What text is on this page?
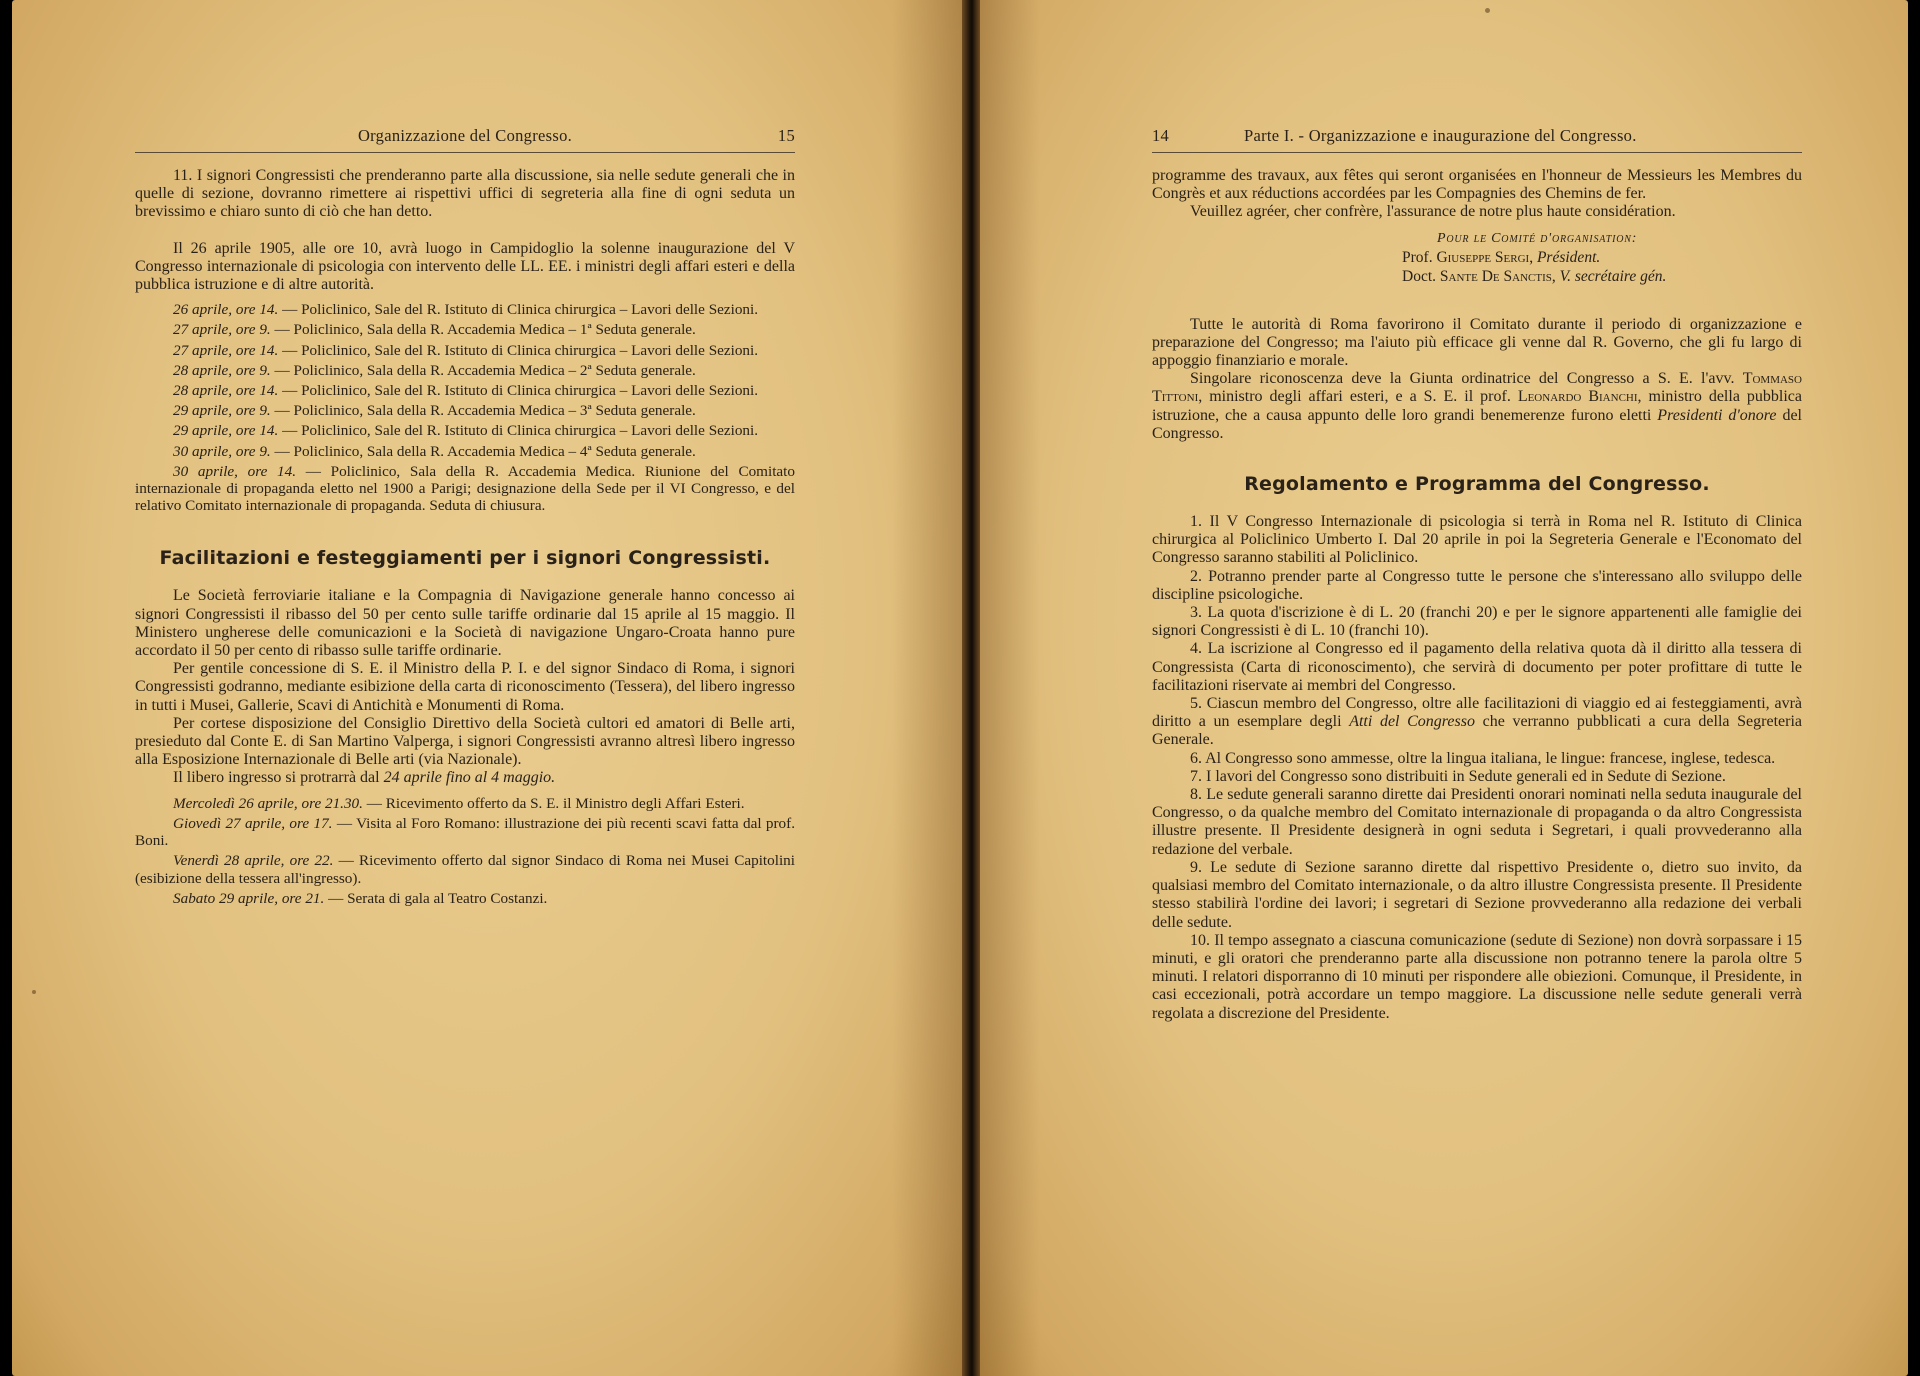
Organizzazione del Congresso.	15

11. I signori Congressisti che prenderanno parte alla discussione, sia nelle sedute generali che in quelle di sezione, dovranno rimettere ai rispettivi uffici di segreteria alla fine di ogni seduta un brevissimo e chiaro sunto di ciò che han detto.

Il 26 aprile 1905, alle ore 10, avrà luogo in Campidoglio la solenne inaugurazione del V Congresso internazionale di psicologia con intervento delle LL. EE. i ministri degli affari esteri e della pubblica istruzione e di altre autorità.

26 aprile, ore 14. — Policlinico, Sale del R. Istituto di Clinica chirurgica – Lavori delle Sezioni.

27 aprile, ore 9. — Policlinico, Sala della R. Accademia Medica – 1ª Seduta generale.

27 aprile, ore 14. — Policlinico, Sale del R. Istituto di Clinica chirurgica – Lavori delle Sezioni.

28 aprile, ore 9. — Policlinico, Sala della R. Accademia Medica – 2ª Seduta generale.

28 aprile, ore 14. — Policlinico, Sale del R. Istituto di Clinica chirurgica – Lavori delle Sezioni.

29 aprile, ore 9. — Policlinico, Sala della R. Accademia Medica – 3ª Seduta generale.

29 aprile, ore 14. — Policlinico, Sale del R. Istituto di Clinica chirurgica – Lavori delle Sezioni.

30 aprile, ore 9. — Policlinico, Sala della R. Accademia Medica – 4ª Seduta generale.

30 aprile, ore 14. — Policlinico, Sala della R. Accademia Medica. Riunione del Comitato internazionale di propaganda eletto nel 1900 a Parigi; designazione della Sede per il VI Congresso, e del relativo Comitato internazionale di propaganda. Seduta di chiusura.

Facilitazioni e festeggiamenti per i signori Congressisti.

Le Società ferroviarie italiane e la Compagnia di Navigazione generale hanno concesso ai signori Congressisti il ribasso del 50 per cento sulle tariffe ordinarie dal 15 aprile al 15 maggio. Il Ministero ungherese delle comunicazioni e la Società di navigazione Ungaro-Croata hanno pure accordato il 50 per cento di ribasso sulle tariffe ordinarie.

Per gentile concessione di S. E. il Ministro della P. I. e del signor Sindaco di Roma, i signori Congressisti godranno, mediante esibizione della carta di riconoscimento (Tessera), del libero ingresso in tutti i Musei, Gallerie, Scavi di Antichità e Monumenti di Roma.

Per cortese disposizione del Consiglio Direttivo della Società cultori ed amatori di Belle arti, presieduto dal Conte E. di San Martino Valperga, i signori Congressisti avranno altresì libero ingresso alla Esposizione Internazionale di Belle arti (via Nazionale).

Il libero ingresso si protrarrà dal 24 aprile fino al 4 maggio.

Mercoledì 26 aprile, ore 21.30. — Ricevimento offerto da S. E. il Ministro degli Affari Esteri.

Giovedì 27 aprile, ore 17. — Visita al Foro Romano: illustrazione dei più recenti scavi fatta dal prof. Boni.

Venerdì 28 aprile, ore 22. — Ricevimento offerto dal signor Sindaco di Roma nei Musei Capitolini (esibizione della tessera all'ingresso).

Sabato 29 aprile, ore 21. — Serata di gala al Teatro Costanzi.

14	Parte I. - Organizzazione e inaugurazione del Congresso.

programme des travaux, aux fêtes qui seront organisées en l'honneur de Messieurs les Membres du Congrès et aux réductions accordées par les Compagnies des Chemins de fer.

Veuillez agréer, cher confrère, l'assurance de notre plus haute considération.

Pour le Comité d'organisation:
Prof. Giuseppe Sergi, Président.
Doct. Sante De Sanctis, V. secrétaire gén.

Tutte le autorità di Roma favorirono il Comitato durante il periodo di organizzazione e preparazione del Congresso; ma l'aiuto più efficace gli venne dal R. Governo, che gli fu largo di appoggio finanziario e morale.

Singolare riconoscenza deve la Giunta ordinatrice del Congresso a S. E. l'avv. Tommaso Tittoni, ministro degli affari esteri, e a S. E. il prof. Leonardo Bianchi, ministro della pubblica istruzione, che a causa appunto delle loro grandi benemerenze furono eletti Presidenti d'onore del Congresso.

Regolamento e Programma del Congresso.

1. Il V Congresso Internazionale di psicologia si terrà in Roma nel R. Istituto di Clinica chirurgica al Policlinico Umberto I. Dal 20 aprile in poi la Segreteria Generale e l'Economato del Congresso saranno stabiliti al Policlinico.

2. Potranno prender parte al Congresso tutte le persone che s'interessano allo sviluppo delle discipline psicologiche.

3. La quota d'iscrizione è di L. 20 (franchi 20) e per le signore appartenenti alle famiglie dei signori Congressisti è di L. 10 (franchi 10).

4. La iscrizione al Congresso ed il pagamento della relativa quota dà il diritto alla tessera di Congressista (Carta di riconoscimento), che servirà di documento per poter profittare di tutte le facilitazioni riservate ai membri del Congresso.

5. Ciascun membro del Congresso, oltre alle facilitazioni di viaggio ed ai festeggiamenti, avrà diritto a un esemplare degli Atti del Congresso che verranno pubblicati a cura della Segreteria Generale.

6. Al Congresso sono ammesse, oltre la lingua italiana, le lingue: francese, inglese, tedesca.

7. I lavori del Congresso sono distribuiti in Sedute generali ed in Sedute di Sezione.

8. Le sedute generali saranno dirette dai Presidenti onorari nominati nella seduta inaugurale del Congresso, o da qualche membro del Comitato internazionale di propaganda o da altro Congressista illustre presente. Il Presidente designerà in ogni seduta i Segretari, i quali provvederanno alla redazione del verbale.

9. Le sedute di Sezione saranno dirette dal rispettivo Presidente o, dietro suo invito, da qualsiasi membro del Comitato internazionale, o da altro illustre Congressista presente. Il Presidente stesso stabilirà l'ordine dei lavori; i segretari di Sezione provvederanno alla redazione dei verbali delle sedute.

10. Il tempo assegnato a ciascuna comunicazione (sedute di Sezione) non dovrà sorpassare i 15 minuti, e gli oratori che prenderanno parte alla discussione non potranno tenere la parola oltre 5 minuti. I relatori disporranno di 10 minuti per rispondere alle obiezioni. Comunque, il Presidente, in casi eccezionali, potrà accordare un tempo maggiore. La discussione nelle sedute generali verrà regolata a discrezione del Presidente.
